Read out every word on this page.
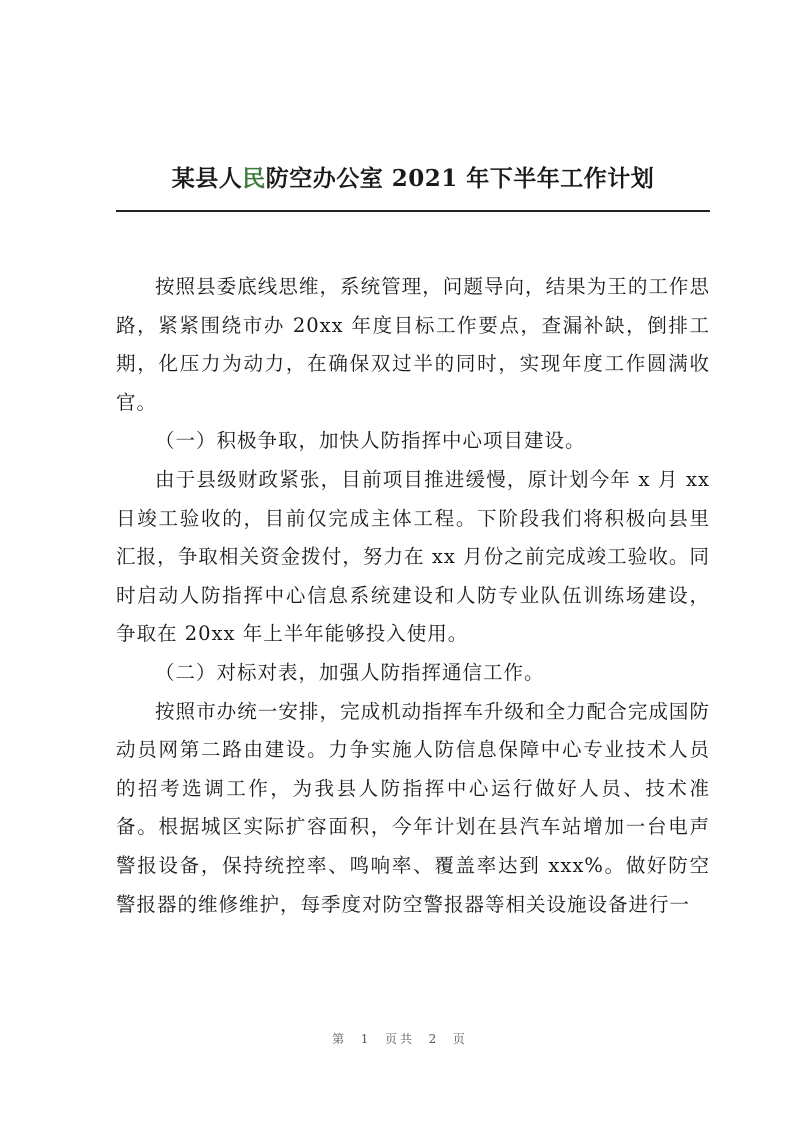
某县人民防空办公室 2021 年下半年工作计划

按照县委底线思维，系统管理，问题导向，结果为王的工作思路，紧紧围绕市办 20xx 年度目标工作要点，查漏补缺，倒排工期，化压力为动力，在确保双过半的同时，实现年度工作圆满收官。

（一）积极争取，加快人防指挥中心项目建设。

由于县级财政紧张，目前项目推进缓慢，原计划今年 x 月 xx 日竣工验收的，目前仅完成主体工程。下阶段我们将积极向县里汇报，争取相关资金拨付，努力在 xx 月份之前完成竣工验收。同时启动人防指挥中心信息系统建设和人防专业队伍训练场建设，争取在 20xx 年上半年能够投入使用。

（二）对标对表，加强人防指挥通信工作。

按照市办统一安排，完成机动指挥车升级和全力配合完成国防动员网第二路由建设。力争实施人防信息保障中心专业技术人员的招考选调工作，为我县人防指挥中心运行做好人员、技术准备。根据城区实际扩容面积，今年计划在县汽车站增加一台电声警报设备，保持统控率、鸣响率、覆盖率达到 xxx%。做好防空警报器的维修维护，每季度对防空警报器等相关设施设备进行一

第  1  页共  2  页
